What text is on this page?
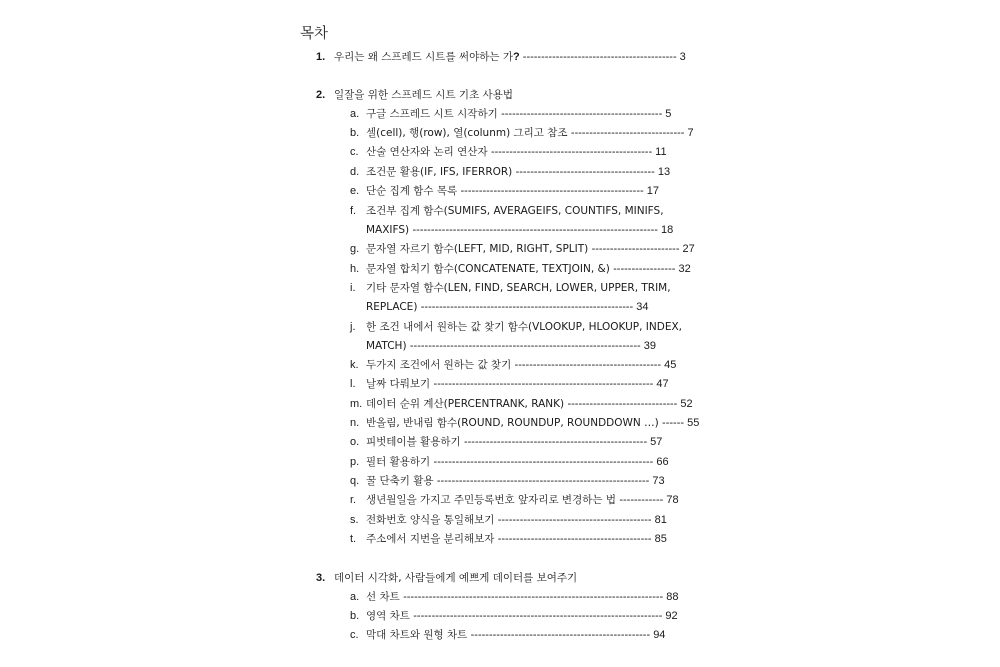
목차
1. 우리는 왜 스프레드 시트를 써야하는 가? ------------------------------------------ 3
2. 일잘을 위한 스프레드 시트 기초 사용법
a. 구글 스프레드 시트 시작하기 -------------------------------------------- 5
b. 셀(cell), 행(row), 열(colunm) 그리고 참조 ------------------------------- 7
c. 산술 연산자와 논리 연산자 -------------------------------------------- 11
d. 조건문 활용(IF, IFS, IFERROR) -------------------------------------- 13
e. 단순 집계 함수 목록 -------------------------------------------------- 17
f. 조건부 집계 함수(SUMIFS, AVERAGEIFS, COUNTIFS, MINIFS,
MAXIFS) ------------------------------------------------------------------- 18
g. 문자열 자르기 함수(LEFT, MID, RIGHT, SPLIT) ------------------------ 27
h. 문자열 합치기 함수(CONCATENATE, TEXTJOIN, &) ----------------- 32
i. 기타 문자열 함수(LEN, FIND, SEARCH, LOWER, UPPER, TRIM,
REPLACE) ---------------------------------------------------------- 34
j. 한 조건 내에서 원하는 값 찾기 함수(VLOOKUP, HLOOKUP, INDEX,
MATCH) --------------------------------------------------------------- 39
k. 두가지 조건에서 원하는 값 찾기 ---------------------------------------- 45
l. 날짜 다뤄보기 ------------------------------------------------------------ 47
m. 데이터 순위 계산(PERCENTRANK, RANK) ------------------------------ 52
n. 반올림, 반내림 함수(ROUND, ROUNDUP, ROUNDDOWN …) ------ 55
o. 피벗테이블 활용하기 -------------------------------------------------- 57
p. 필터 활용하기 ------------------------------------------------------------ 66
q. 꿀 단축키 활용 ---------------------------------------------------------- 73
r. 생년월일을 가지고 주민등록번호 앞자리로 변경하는 법 ------------ 78
s. 전화번호 양식을 통일해보기 ------------------------------------------ 81
t. 주소에서 지번을 분리해보자 ------------------------------------------ 85
3. 데이터 시각화, 사람들에게 예쁘게 데이터를 보여주기
a. 선 차트 ----------------------------------------------------------------------- 88
b. 영역 차트 -------------------------------------------------------------------- 92
c. 막대 차트와 원형 차트 ------------------------------------------------- 94
